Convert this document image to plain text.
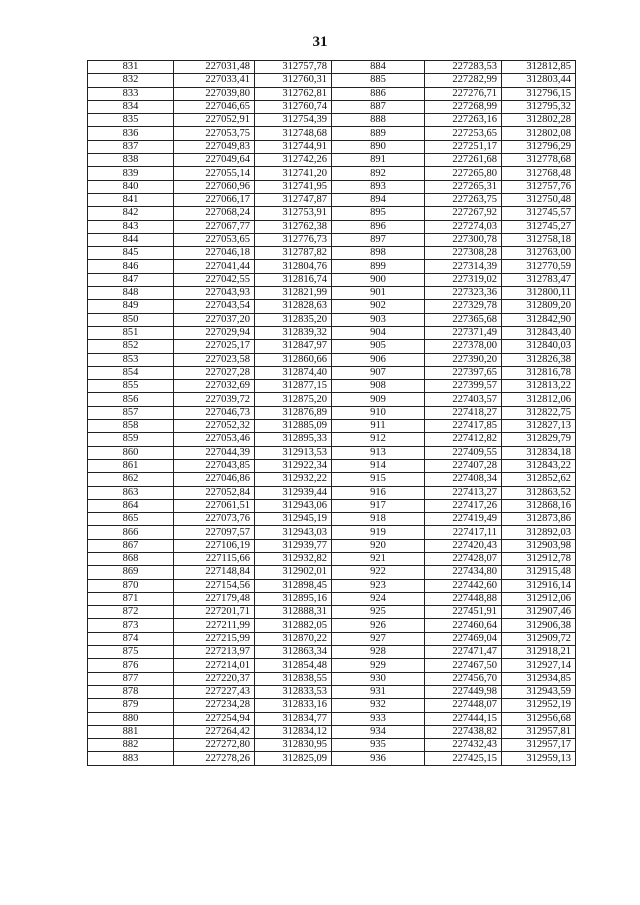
31
831	227031,48	312757,78	884	227283,53	312812,85
832	227033,41	312760,31	885	227282,99	312803,44
833	227039,80	312762,81	886	227276,71	312796,15
834	227046,65	312760,74	887	227268,99	312795,32
835	227052,91	312754,39	888	227263,16	312802,28
836	227053,75	312748,68	889	227253,65	312802,08
837	227049,83	312744,91	890	227251,17	312796,29
838	227049,64	312742,26	891	227261,68	312778,68
839	227055,14	312741,20	892	227265,80	312768,48
840	227060,96	312741,95	893	227265,31	312757,76
841	227066,17	312747,87	894	227263,75	312750,48
842	227068,24	312753,91	895	227267,92	312745,57
843	227067,77	312762,38	896	227274,03	312745,27
844	227053,65	312776,73	897	227300,78	312758,18
845	227046,18	312787,82	898	227308,28	312763,00
846	227041,44	312804,76	899	227314,39	312770,59
847	227042,55	312816,74	900	227319,02	312783,47
848	227043,93	312821,99	901	227323,36	312800,11
849	227043,54	312828,63	902	227329,78	312809,20
850	227037,20	312835,20	903	227365,68	312842,90
851	227029,94	312839,32	904	227371,49	312843,40
852	227025,17	312847,97	905	227378,00	312840,03
853	227023,58	312860,66	906	227390,20	312826,38
854	227027,28	312874,40	907	227397,65	312816,78
855	227032,69	312877,15	908	227399,57	312813,22
856	227039,72	312875,20	909	227403,57	312812,06
857	227046,73	312876,89	910	227418,27	312822,75
858	227052,32	312885,09	911	227417,85	312827,13
859	227053,46	312895,33	912	227412,82	312829,79
860	227044,39	312913,53	913	227409,55	312834,18
861	227043,85	312922,34	914	227407,28	312843,22
862	227046,86	312932,22	915	227408,34	312852,62
863	227052,84	312939,44	916	227413,27	312863,52
864	227061,51	312943,06	917	227417,26	312868,16
865	227073,76	312945,19	918	227419,49	312873,86
866	227097,57	312943,03	919	227417,11	312892,03
867	227106,19	312939,77	920	227420,43	312903,98
868	227115,66	312932,82	921	227428,07	312912,78
869	227148,84	312902,01	922	227434,80	312915,48
870	227154,56	312898,45	923	227442,60	312916,14
871	227179,48	312895,16	924	227448,88	312912,06
872	227201,71	312888,31	925	227451,91	312907,46
873	227211,99	312882,05	926	227460,64	312906,38
874	227215,99	312870,22	927	227469,04	312909,72
875	227213,97	312863,34	928	227471,47	312918,21
876	227214,01	312854,48	929	227467,50	312927,14
877	227220,37	312838,55	930	227456,70	312934,85
878	227227,43	312833,53	931	227449,98	312943,59
879	227234,28	312833,16	932	227448,07	312952,19
880	227254,94	312834,77	933	227444,15	312956,68
881	227264,42	312834,12	934	227438,82	312957,81
882	227272,80	312830,95	935	227432,43	312957,17
883	227278,26	312825,09	936	227425,15	312959,13
